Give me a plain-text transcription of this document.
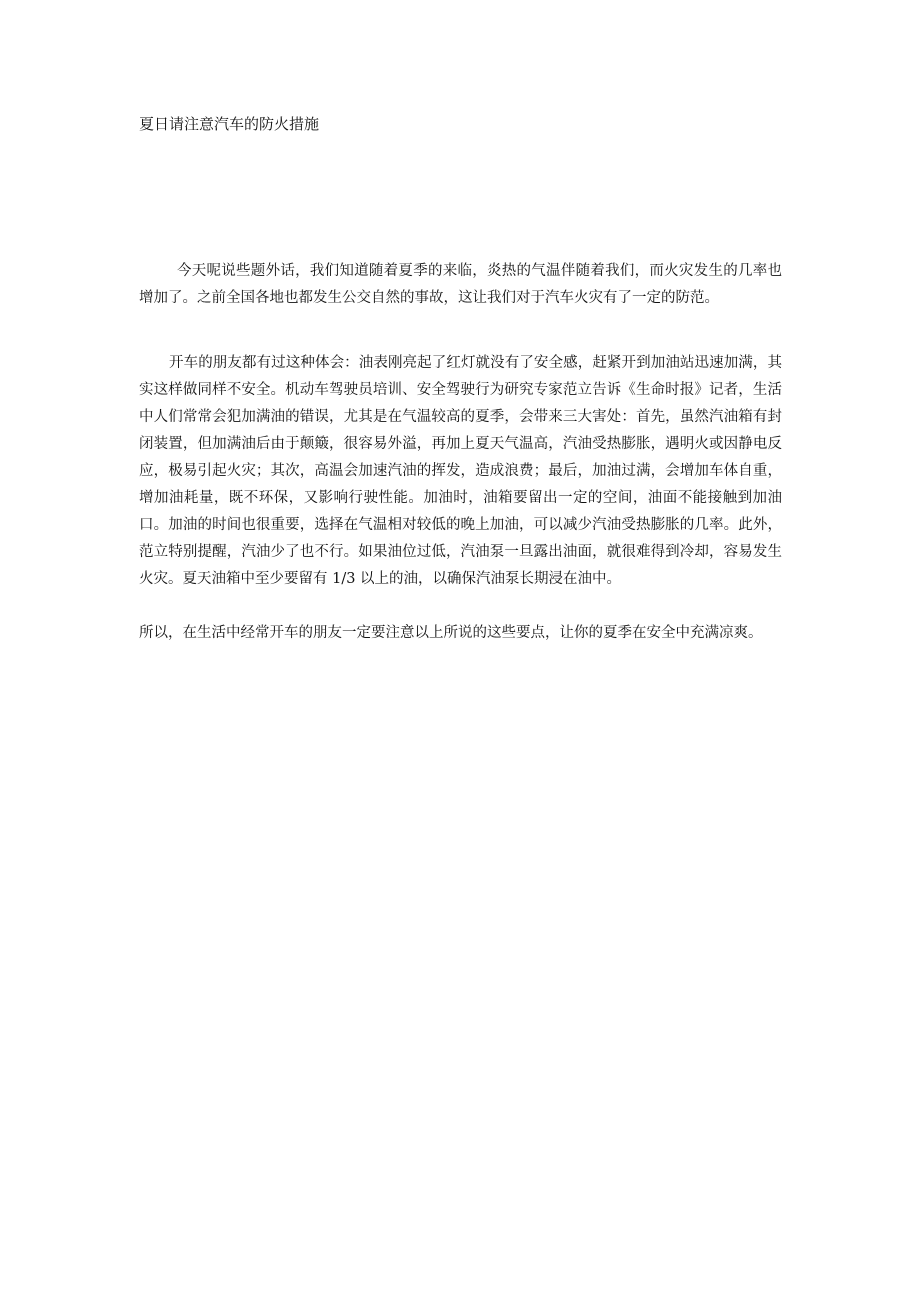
夏日请注意汽车的防火措施

今天呢说些题外话，我们知道随着夏季的来临，炎热的气温伴随着我们，而火灾发生的几率也增加了。之前全国各地也都发生公交自然的事故，这让我们对于汽车火灾有了一定的防范。

开车的朋友都有过这种体会：油表刚亮起了红灯就没有了安全感，赶紧开到加油站迅速加满，其实这样做同样不安全。机动车驾驶员培训、安全驾驶行为研究专家范立告诉《生命时报》记者，生活中人们常常会犯加满油的错误，尤其是在气温较高的夏季，会带来三大害处：首先，虽然汽油箱有封闭装置，但加满油后由于颠簸，很容易外溢，再加上夏天气温高，汽油受热膨胀，遇明火或因静电反应，极易引起火灾；其次，高温会加速汽油的挥发，造成浪费；最后，加油过满，会增加车体自重，增加油耗量，既不环保，又影响行驶性能。加油时，油箱要留出一定的空间，油面不能接触到加油口。加油的时间也很重要，选择在气温相对较低的晚上加油，可以减少汽油受热膨胀的几率。此外，范立特别提醒，汽油少了也不行。如果油位过低，汽油泵一旦露出油面，就很难得到冷却，容易发生火灾。夏天油箱中至少要留有 1/3 以上的油，以确保汽油泵长期浸在油中。

所以，在生活中经常开车的朋友一定要注意以上所说的这些要点，让你的夏季在安全中充满凉爽。
